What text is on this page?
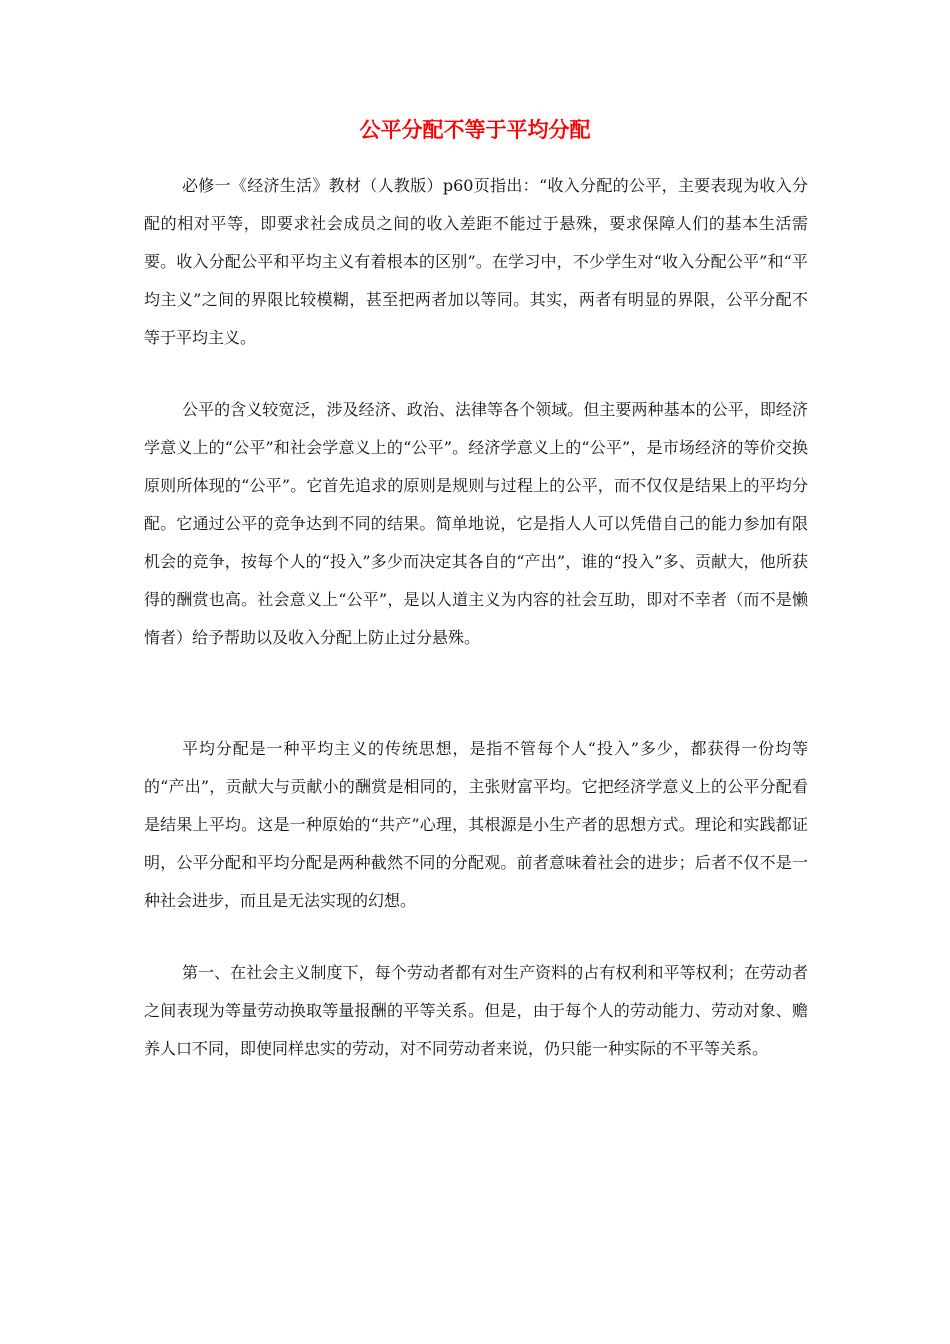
公平分配不等于平均分配

必修一《经济生活》教材（人教版）p60页指出：“收入分配的公平，主要表现为收入分配的相对平等，即要求社会成员之间的收入差距不能过于悬殊，要求保障人们的基本生活需要。收入分配公平和平均主义有着根本的区别”。在学习中，不少学生对“收入分配公平”和“平均主义”之间的界限比较模糊，甚至把两者加以等同。其实，两者有明显的界限，公平分配不等于平均主义。

公平的含义较宽泛，涉及经济、政治、法律等各个领域。但主要两种基本的公平，即经济学意义上的“公平”和社会学意义上的“公平”。经济学意义上的“公平”，是市场经济的等价交换原则所体现的“公平”。它首先追求的原则是规则与过程上的公平，而不仅仅是结果上的平均分配。它通过公平的竞争达到不同的结果。简单地说，它是指人人可以凭借自己的能力参加有限机会的竞争，按每个人的“投入”多少而决定其各自的“产出”，谁的“投入”多、贡献大，他所获得的酬赏也高。社会意义上“公平”，是以人道主义为内容的社会互助，即对不幸者（而不是懒惰者）给予帮助以及收入分配上防止过分悬殊。

平均分配是一种平均主义的传统思想，是指不管每个人“投入”多少，都获得一份均等的“产出”，贡献大与贡献小的酬赏是相同的，主张财富平均。它把经济学意义上的公平分配看是结果上平均。这是一种原始的“共产”心理，其根源是小生产者的思想方式。理论和实践都证明，公平分配和平均分配是两种截然不同的分配观。前者意味着社会的进步；后者不仅不是一种社会进步，而且是无法实现的幻想。

第一、在社会主义制度下，每个劳动者都有对生产资料的占有权利和平等权利；在劳动者之间表现为等量劳动换取等量报酬的平等关系。但是，由于每个人的劳动能力、劳动对象、赡养人口不同，即使同样忠实的劳动，对不同劳动者来说，仍只能一种实际的不平等关系。
